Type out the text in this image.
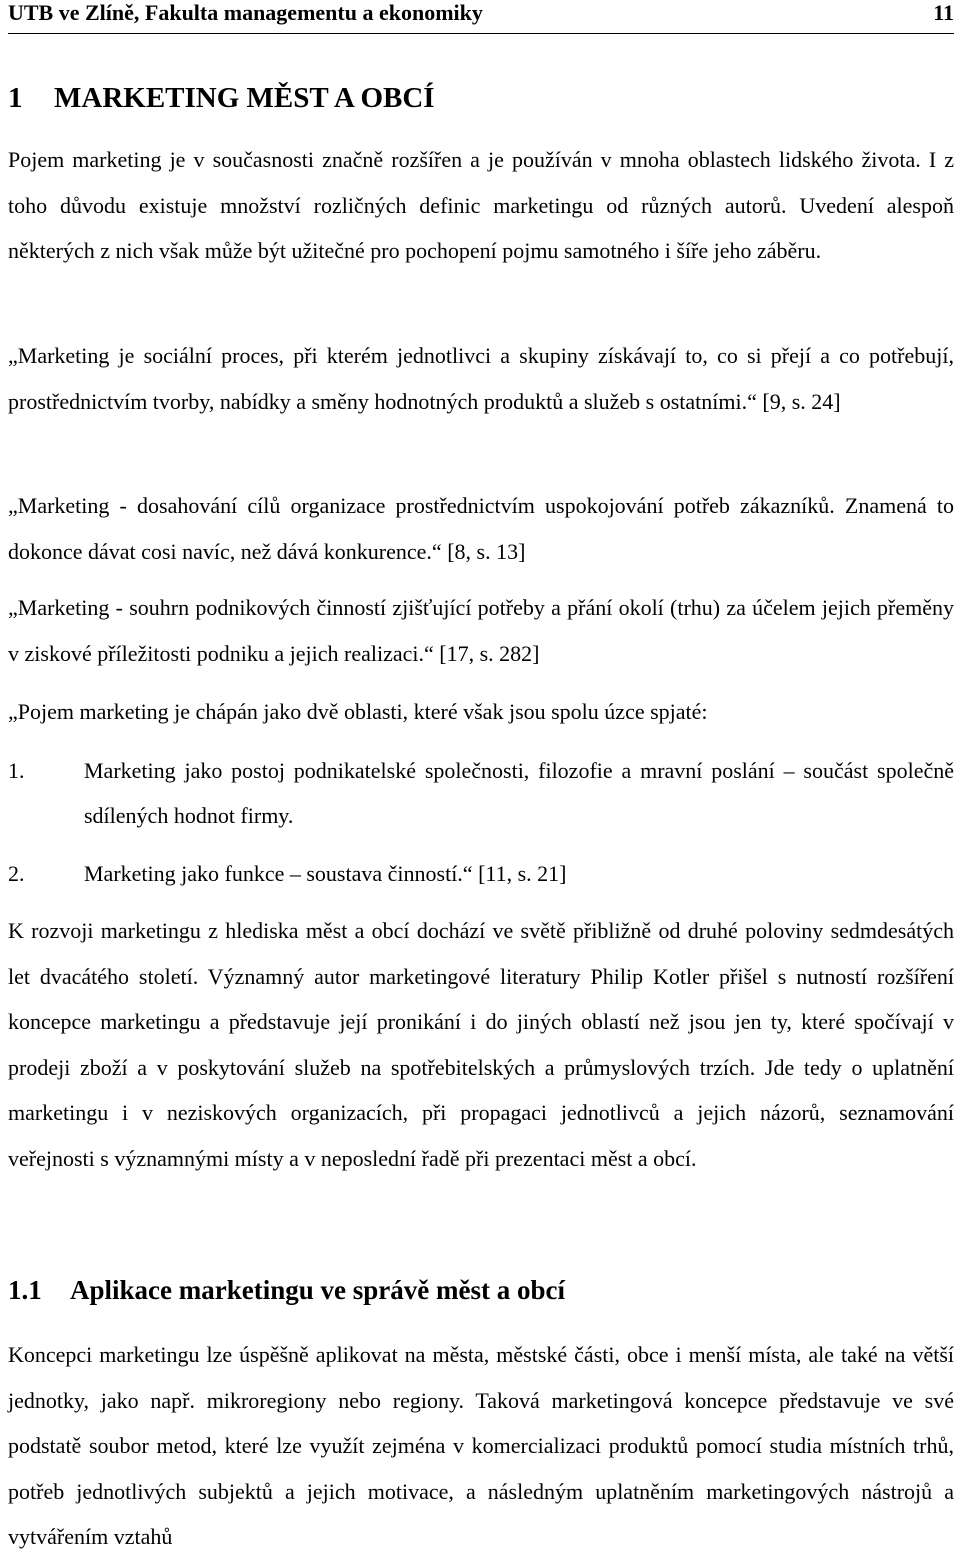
UTB ve Zlíně, Fakulta managementu a ekonomiky	11
1 MARKETING MĚST A OBCÍ
Pojem marketing je v současnosti značně rozšířen a je používán v mnoha oblastech lidského života. I z toho důvodu existuje množství rozličných definic marketingu od různých autorů. Uvedení alespoň některých z nich však může být užitečné pro pochopení pojmu samotného i šíře jeho záběru.
„Marketing je sociální proces, při kterém jednotlivci a skupiny získávají to, co si přejí a co potřebují, prostřednictvím tvorby, nabídky a směny hodnotných produktů a služeb s ostatními.“ [9, s. 24]
„Marketing - dosahování cílů organizace prostřednictvím uspokojování potřeb zákazníků. Znamená to dokonce dávat cosi navíc, než dává konkurence.“ [8, s. 13]
„Marketing - souhrn podnikových činností zjišťující potřeby a přání okolí (trhu) za účelem jejich přeměny v ziskové příležitosti podniku a jejich realizaci.“ [17, s. 282]
„Pojem marketing je chápán jako dvě oblasti, které však jsou spolu úzce spjaté:
1.	Marketing jako postoj podnikatelské společnosti, filozofie a mravní poslání – součást společně sdílených hodnot firmy.
2.	Marketing jako funkce – soustava činností.“ [11, s. 21]
K rozvoji marketingu z hlediska měst a obcí dochází ve světě přibližně od druhé poloviny sedmdesátých let dvacátého století. Významný autor marketingové literatury Philip Kotler přišel s nutností rozšíření koncepce marketingu a představuje její pronikání i do jiných oblastí než jsou jen ty, které spočívají v prodeji zboží a v poskytování služeb na spotřebitelských a průmyslových trzích. Jde tedy o uplatnění marketingu i v neziskových organizacích, při propagaci jednotlivců a jejich názorů, seznamování veřejnosti s významnými místy a v neposlední řadě při prezentaci měst a obcí.
1.1 Aplikace marketingu ve správě měst a obcí
Koncepci marketingu lze úspěšně aplikovat na města, městské části, obce i menší místa, ale také na větší jednotky, jako např. mikroregiony nebo regiony. Taková marketingová koncepce představuje ve své podstatě soubor metod, které lze využít zejména v komercializaci produktů pomocí studia místních trhů, potřeb jednotlivých subjektů a jejich motivace, a následným uplatněním marketingových nástrojů a vytvářením vztahů
